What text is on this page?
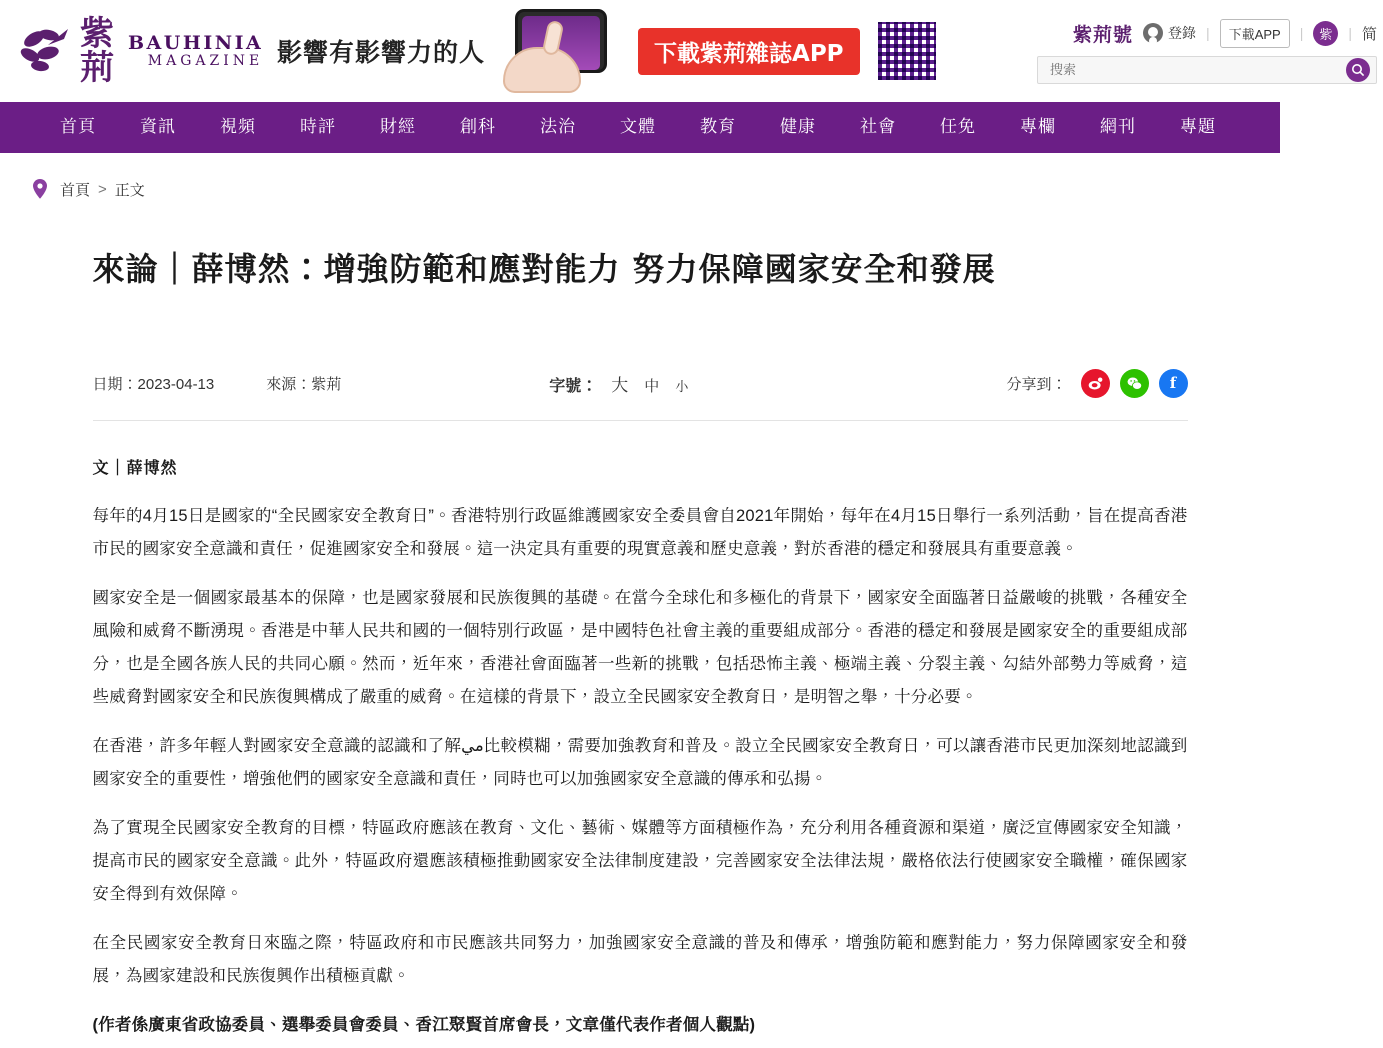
紫荊
BAUHINIA
MAGAZINE 影響有影響力的人	下載紫荊雜誌APP
紫荊號	登錄 |	下載APP	|	紫	| 简
搜索
首頁	資訊	視頻	時評	財經	創科	法治	文體	教育	健康	社會	任免	專欄	網刊	專題
首頁 > 正文
來論｜薛博然：增強防範和應對能力 努力保障國家安全和發展
日期：2023-04-13	來源：紫荊	字號： 大	中	小	分享到：	f
文｜薛博然

每年的4月15日是國家的“全民國家安全教育日”。香港特別行政區維護國家安全委員會自2021年開始，每年在4月15日舉行一系列活動，旨在提高香港市民的國家安全意識和責任，促進國家安全和發展。這一決定具有重要的現實意義和歷史意義，對於香港的穩定和發展具有重要意義。

國家安全是一個國家最基本的保障，也是國家發展和民族復興的基礎。在當今全球化和多極化的背景下，國家安全面臨著日益嚴峻的挑戰，各種安全風險和威脅不斷湧現。香港是中華人民共和國的一個特別行政區，是中國特色社會主義的重要組成部分。香港的穩定和發展是國家安全的重要組成部分，也是全國各族人民的共同心願。然而，近年來，香港社會面臨著一些新的挑戰，包括恐怖主義、極端主義、分裂主義、勾結外部勢力等威脅，這些威脅對國家安全和民族復興構成了嚴重的威脅。在這樣的背景下，設立全民國家安全教育日，是明智之舉，十分必要。

在香港，許多年輕人對國家安全意識的認識和了解مي比較模糊，需要加強教育和普及。設立全民國家安全教育日，可以讓香港市民更加深刻地認識到國家安全的重要性，增強他們的國家安全意識和責任，同時也可以加強國家安全意識的傳承和弘揚。

為了實現全民國家安全教育的目標，特區政府應該在教育、文化、藝術、媒體等方面積極作為，充分利用各種資源和渠道，廣泛宣傳國家安全知識，提高市民的國家安全意識。此外，特區政府還應該積極推動國家安全法律制度建設，完善國家安全法律法規，嚴格依法行使國家安全職權，確保國家安全得到有效保障。

在全民國家安全教育日來臨之際，特區政府和市民應該共同努力，加強國家安全意識的普及和傳承，增強防範和應對能力，努力保障國家安全和發展，為國家建設和民族復興作出積極貢獻。

(作者係廣東省政協委員、選舉委員會委員、香江聚賢首席會長，文章僅代表作者個人觀點)
